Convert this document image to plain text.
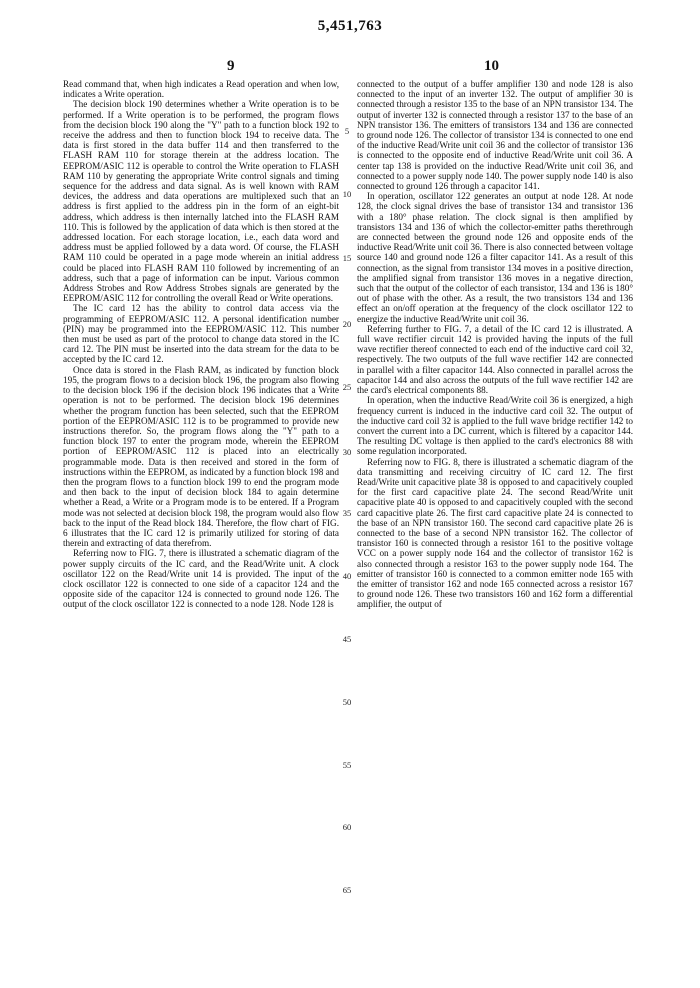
5,451,763
9	10

Read command that, when high indicates a Read operation and when low, indicates a Write operation.

The decision block 190 determines whether a Write operation is to be performed. If a Write operation is to be performed, the program flows from the decision block 190 along the "Y" path to a function block 192 to receive the address and then to function block 194 to receive data. The data is first stored in the data buffer 114 and then transferred to the FLASH RAM 110 for storage therein at the address location. The EEPROM/ASIC 112 is operable to control the Write operation to FLASH RAM 110 by generating the appropriate Write control signals and timing sequence for the address and data signal. As is well known with RAM devices, the address and data operations are multiplexed such that an address is first applied to the address pin in the form of an eight-bit address, which address is then internally latched into the FLASH RAM 110. This is followed by the application of data which is then stored at the addressed location. For each storage location, i.e., each data word and address must be applied followed by a data word. Of course, the FLASH RAM 110 could be operated in a page mode wherein an initial address could be placed into FLASH RAM 110 followed by incrementing of an address, such that a page of information can be input. Various common Address Strobes and Row Address Strobes signals are generated by the EEPROM/ASIC 112 for controlling the overall Read or Write operations.

The IC card 12 has the ability to control data access via the programming of EEPROM/ASIC 112. A personal identification number (PIN) may be programmed into the EEPROM/ASIC 112. This number then must be used as part of the protocol to change data stored in the IC card 12. The PIN must be inserted into the data stream for the data to be accepted by the IC card 12.

Once data is stored in the Flash RAM, as indicated by function block 195, the program flows to a decision block 196, the program also flowing to the decision block 196 if the decision block 196 indicates that a Write operation is not to be performed. The decision block 196 determines whether the program function has been selected, such that the EEPROM portion of the EEPROM/ASIC 112 is to be programmed to provide new instructions therefor. So, the program flows along the "Y" path to a function block 197 to enter the program mode, wherein the EEPROM portion of EEPROM/ASIC 112 is placed into an electrically programmable mode. Data is then received and stored in the form of instructions within the EEPROM, as indicated by a function block 198 and then the program flows to a function block 199 to end the program mode and then back to the input of decision block 184 to again determine whether a Read, a Write or a Program mode is to be entered. If a Program mode was not selected at decision block 198, the program would also flow back to the input of the Read block 184. Therefore, the flow chart of FIG. 6 illustrates that the IC card 12 is primarily utilized for storing of data therein and extracting of data therefrom.

Referring now to FIG. 7, there is illustrated a schematic diagram of the power supply circuits of the IC card, and the Read/Write unit. A clock oscillator 122 on the Read/Write unit 14 is provided. The input of the clock oscillator 122 is connected to one side of a capacitor 124 and the opposite side of the capacitor 124 is connected to ground node 126. The output of the clock oscillator 122 is connected to a node 128. Node 128 is

connected to the output of a buffer amplifier 130 and node 128 is also connected to the input of an inverter 132. The output of amplifier 30 is connected through a resistor 135 to the base of an NPN transistor 134. The output of inverter 132 is connected through a resistor 137 to the base of an NPN transistor 136. The emitters of transistors 134 and 136 are connected to ground node 126. The collector of transistor 134 is connected to one end of the inductive Read/Write unit coil 36 and the collector of transistor 136 is connected to the opposite end of inductive Read/Write unit coil 36. A center tap 138 is provided on the inductive Read/Write unit coil 36, and connected to a power supply node 140. The power supply node 140 is also connected to ground 126 through a capacitor 141.

In operation, oscillator 122 generates an output at node 128. At node 128, the clock signal drives the base of transistor 134 and transistor 136 with a 180° phase relation. The clock signal is then amplified by transistors 134 and 136 of which the collector-emitter paths therethrough are connected between the ground node 126 and opposite ends of the inductive Read/Write unit coil 36. There is also connected between voltage source 140 and ground node 126 a filter capacitor 141. As a result of this connection, as the signal from transistor 134 moves in a positive direction, the amplified signal from transistor 136 moves in a negative direction, such that the output of the collector of each transistor, 134 and 136 is 180° out of phase with the other. As a result, the two transistors 134 and 136 effect an on/off operation at the frequency of the clock oscillator 122 to energize the inductive Read/Write unit coil 36.

Referring further to FIG. 7, a detail of the IC card 12 is illustrated. A full wave rectifier circuit 142 is provided having the inputs of the full wave rectifier thereof connected to each end of the inductive card coil 32, respectively. The two outputs of the full wave rectifier 142 are connected in parallel with a filter capacitor 144. Also connected in parallel across the capacitor 144 and also across the outputs of the full wave rectifier 142 are the card's electrical components 88.

In operation, when the inductive Read/Write coil 36 is energized, a high frequency current is induced in the inductive card coil 32. The output of the inductive card coil 32 is applied to the full wave bridge rectifier 142 to convert the current into a DC current, which is filtered by a capacitor 144. The resulting DC voltage is then applied to the card's electronics 88 with some regulation incorporated.

Referring now to FIG. 8, there is illustrated a schematic diagram of the data transmitting and receiving circuitry of IC card 12. The first Read/Write unit capacitive plate 38 is opposed to and capacitively coupled for the first card capacitive plate 24. The second Read/Write unit capacitive plate 40 is opposed to and capacitively coupled with the second card capacitive plate 26. The first card capacitive plate 24 is connected to the base of an NPN transistor 160. The second card capacitive plate 26 is connected to the base of a second NPN transistor 162. The collector of transistor 160 is connected through a resistor 161 to the positive voltage VCC on a power supply node 164 and the collector of transistor 162 is also connected through a resistor 163 to the power supply node 164. The emitter of transistor 160 is connected to a common emitter node 165 with the emitter of transistor 162 and node 165 connected across a resistor 167 to ground node 126. These two transistors 160 and 162 form a differential amplifier, the output of

5
10
15
20
25
30
35
40
45
50
55
60
65
